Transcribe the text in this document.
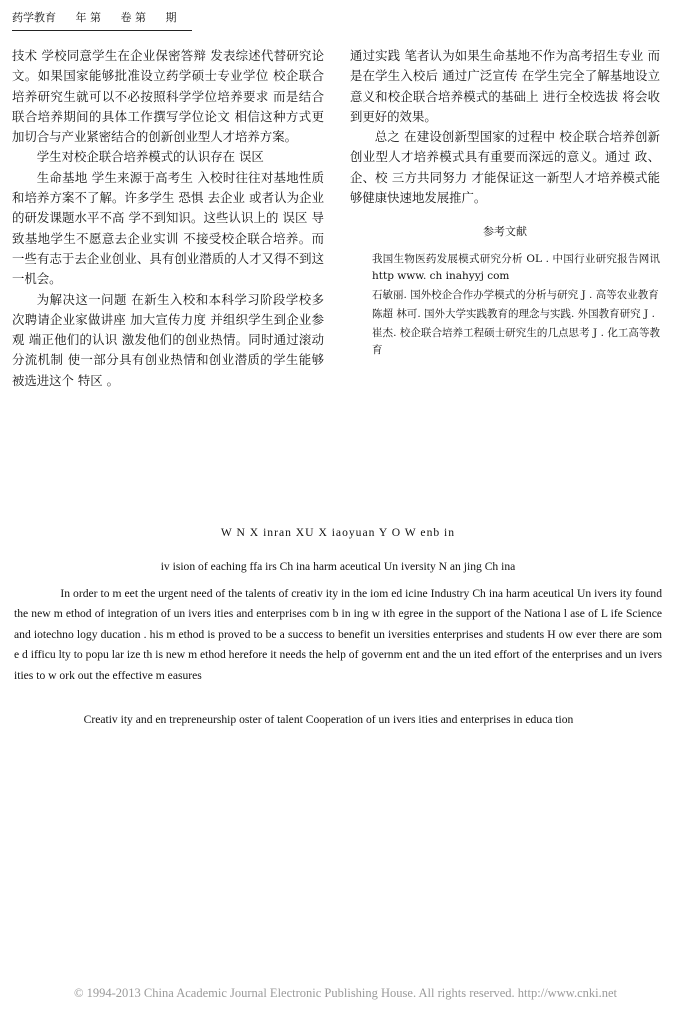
药学教育 年 第 卷 第 期

技术 学校同意学生在企业保密答辩 发表综述代替研究论文。如果国家能够批准设立药学硕士专业学位 校企联合培养研究生就可以不必按照科学学位培养要求 而是结合联合培养期间的具体工作撰写学位论文 相信这种方式更加切合与产业紧密结合的创新创业型人才培养方案。

学生对校企联合培养模式的认识存在 误区

生命基地 学生来源于高考生 入校时往往对基地性质和培养方案不了解。许多学生 恐惧 去企业 或者认为企业的研发课题水平不高 学不到知识。这些认识上的 误区 导致基地学生不愿意去企业实训 不接受校企联合培养。而一些有志于去企业创业、具有创业潜质的人才又得不到这一机会。

为解决这一问题 在新生入校和本科学习阶段学校多次聘请企业家做讲座 加大宣传力度 并组织学生到企业参观 端正他们的认识 激发他们的创业热情。同时通过滚动分流机制 使一部分具有创业热情和创业潜质的学生能够被选进这个 特区 。

通过实践 笔者认为如果生命基地不作为高考招生专业 而是在学生入校后 通过广泛宣传 在学生完全了解基地设立意义和校企联合培养模式的基础上 进行全校选拔 将会收到更好的效果。

总之 在建设创新型国家的过程中 校企联合培养创新创业型人才培养模式具有重要而深远的意义。通过 政、企、校 三方共同努力 才能保证这一新型人才培养模式能够健康快速地发展推广。

参考文献
我国生物医药发展模式研究分析 OL . 中国行业研究报告网讯 http www. ch inahyyj com
石敏丽. 国外校企合作办学模式的分析与研究 J . 高等农业教育
陈超 林可. 国外大学实践教育的理念与实践. 外国教育研究 J .
崔杰. 校企联合培养工程硕士研究生的几点思考 J . 化工高等教育
W N X inran XU X iaoyuan Y O W enb in
iv ision of eaching ffa irs Ch ina harm aceutical Un iversity N an jing Ch ina
In order to m eet the urgent need of the talents of creativ ity in the iom ed icine Industry Ch ina harm aceutical Un ivers ity found the new m ethod of integration of un ivers ities and enterprises com b in ing w ith egree in the support of the Nationa l ase of L ife Science and iotechno logy ducation . his m ethod is proved to be a success to benefit un iversities enterprises and students H ow ever there are som e d ifficu lty to popu lar ize th is new m ethod herefore it needs the help of governm ent and the un ited effort of the enterprises and un ivers ities to w ork out the effective m easures
Creativ ity and en trepreneurship oster of talent Cooperation of un ivers ities and enterprises in educa tion
© 1994-2013 China Academic Journal Electronic Publishing House. All rights reserved. http://www.cnki.net
